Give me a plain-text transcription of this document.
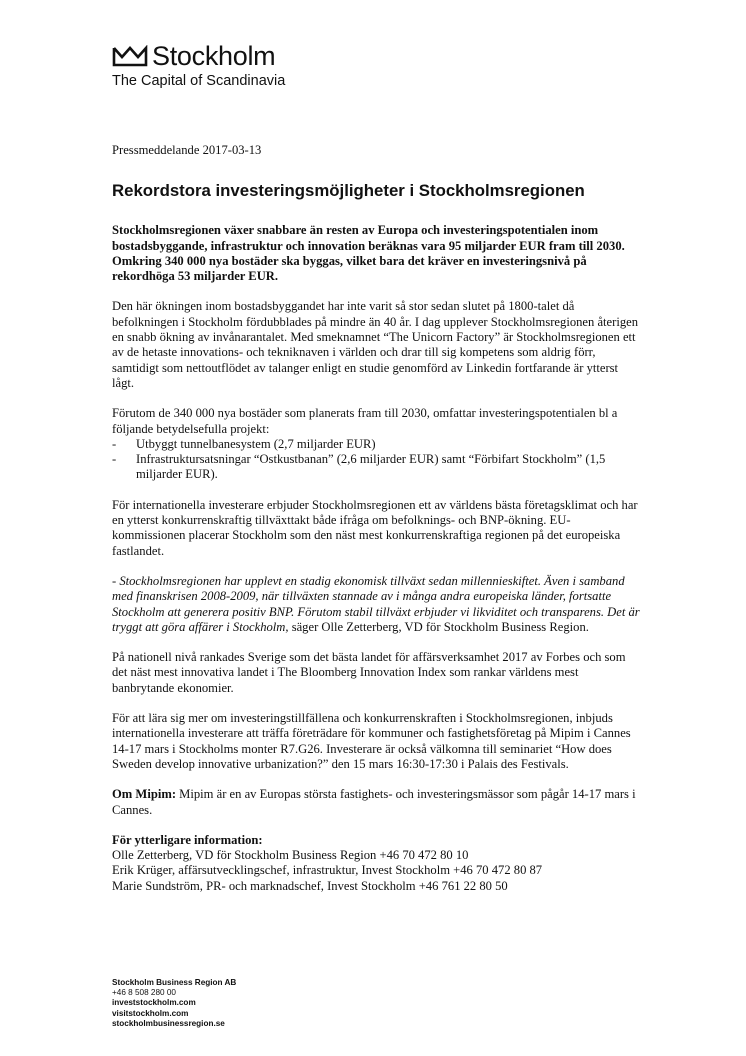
Stockholm
The Capital of Scandinavia

Pressmeddelande 2017-03-13

Rekordstora investeringsmöjligheter i Stockholmsregionen

Stockholmsregionen växer snabbare än resten av Europa och investeringspotentialen inom bostadsbyggande, infrastruktur och innovation beräknas vara 95 miljarder EUR fram till 2030. Omkring 340 000 nya bostäder ska byggas, vilket bara det kräver en investeringsnivå på rekordhöga 53 miljarder EUR.

Den här ökningen inom bostadsbyggandet har inte varit så stor sedan slutet på 1800-talet då befolkningen i Stockholm fördubblades på mindre än 40 år. I dag upplever Stockholmsregionen återigen en snabb ökning av invånarantalet. Med smeknamnet “The Unicorn Factory” är Stockholmsregionen ett av de hetaste innovations- och tekniknaven i världen och drar till sig kompetens som aldrig förr, samtidigt som nettoutflödet av talanger enligt en studie genomförd av Linkedin fortfarande är ytterst lågt.

Förutom de 340 000 nya bostäder som planerats fram till 2030, omfattar investeringspotentialen bl a följande betydelsefulla projekt:

- Utbyggt tunnelbanesystem (2,7 miljarder EUR)
- Infrastruktursatsningar “Ostkustbanan” (2,6 miljarder EUR) samt “Förbifart Stockholm” (1,5 miljarder EUR).

För internationella investerare erbjuder Stockholmsregionen ett av världens bästa företagsklimat och har en ytterst konkurrenskraftig tillväxttakt både ifråga om befolknings- och BNP-ökning. EU-kommissionen placerar Stockholm som den näst mest konkurrenskraftiga regionen på det europeiska fastlandet.

- Stockholmsregionen har upplevt en stadig ekonomisk tillväxt sedan millennieskiftet. Även i samband med finanskrisen 2008-2009, när tillväxten stannade av i många andra europeiska länder, fortsatte Stockholm att generera positiv BNP. Förutom stabil tillväxt erbjuder vi likviditet och transparens. Det är tryggt att göra affärer i Stockholm, säger Olle Zetterberg, VD för Stockholm Business Region.

På nationell nivå rankades Sverige som det bästa landet för affärsverksamhet 2017 av Forbes och som det näst mest innovativa landet i The Bloomberg Innovation Index som rankar världens mest banbrytande ekonomier.

För att lära sig mer om investeringstillfällena och konkurrenskraften i Stockholmsregionen, inbjuds internationella investerare att träffa företrädare för kommuner och fastighetsföretag på Mipim i Cannes 14-17 mars i Stockholms monter R7.G26. Investerare är också välkomna till seminariet “How does Sweden develop innovative urbanization?” den 15 mars 16:30-17:30 i Palais des Festivals.

Om Mipim: Mipim är en av Europas största fastighets- och investeringsmässor som pågår 14-17 mars i Cannes.

För ytterligare information:
Olle Zetterberg, VD för Stockholm Business Region +46 70 472 80 10
Erik Krüger, affärsutvecklingschef, infrastruktur, Invest Stockholm +46 70 472 80 87
Marie Sundström, PR- och marknadschef, Invest Stockholm +46 761 22 80 50
Stockholm Business Region AB
+46 8 508 280 00
investstockholm.com
visitstockholm.com
stockholmbusinessregion.se
